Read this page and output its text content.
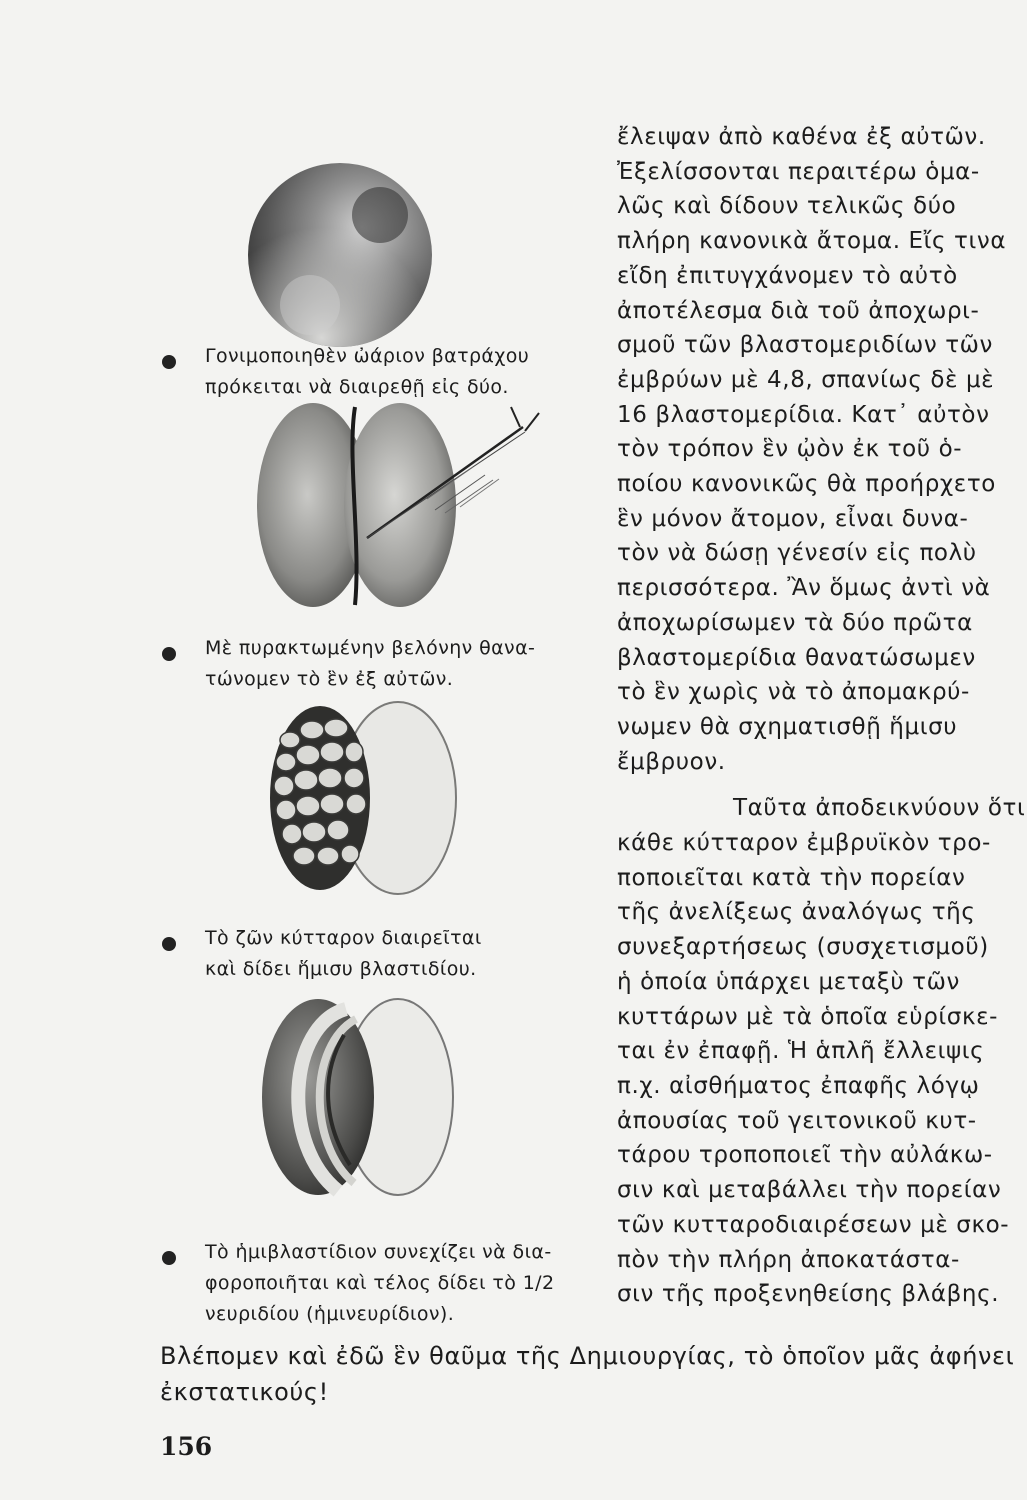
Γονιμοποιηθὲν ὠάριον βατράχου
πρόκειται νὰ διαιρεθῇ εἰς δύο.
Μὲ πυρακτωμένην βελόνην θανα-
τώνομεν τὸ ἓν ἐξ αὐτῶν.
Τὸ ζῶν κύτταρον διαιρεῖται
καὶ δίδει ἥμισυ βλαστιδίου.
Τὸ ἡμιβλαστίδιον συνεχίζει νὰ δια-
φοροποιῆται καὶ τέλος δίδει τὸ 1/2
νευριδίου (ἡμινευρίδιον).

ἔλειψαν ἀπὸ καθένα ἐξ αὐτῶν.
Ἐξελίσσονται περαιτέρω ὁμα-
λῶς καὶ δίδουν τελικῶς δύο
πλήρη κανονικὰ ἄτομα. Εἴς τινα
εἴδη ἐπιτυγχάνομεν τὸ αὐτὸ
ἀποτέλεσμα διὰ τοῦ ἀποχωρι-
σμοῦ τῶν βλαστομεριδίων τῶν
ἐμβρύων μὲ 4,8, σπανίως δὲ μὲ
16 βλαστομερίδια. Κατ᾽ αὐτὸν
τὸν τρόπον ἓν ᾠὸν ἐκ τοῦ ὁ-
ποίου κανονικῶς θὰ προήρχετο
ἓν μόνον ἄτομον, εἶναι δυνα-
τὸν νὰ δώσῃ γένεσίν εἰς πολὺ
περισσότερα. Ἂν ὅμως ἀντὶ νὰ
ἀποχωρίσωμεν τὰ δύο πρῶτα
βλαστομερίδια θανατώσωμεν
τὸ ἓν χωρὶς νὰ τὸ ἀπομακρύ-
νωμεν θὰ σχηματισθῇ ἥμισυ
ἔμβρυον.

Ταῦτα ἀποδεικνύουν ὅτι
κάθε κύτταρον ἐμβρυϊκὸν τρο-
ποποιεῖται κατὰ τὴν πορείαν
τῆς ἀνελίξεως ἀναλόγως τῆς
συνεξαρτήσεως (συσχετισμοῦ)
ἡ ὁποία ὑπάρχει μεταξὺ τῶν
κυττάρων μὲ τὰ ὁποῖα εὑρίσκε-
ται ἐν ἐπαφῇ. Ἡ ἁπλῆ ἔλλειψις
π.χ. αἰσθήματος ἐπαφῆς λόγῳ
ἀπουσίας τοῦ γειτονικοῦ κυτ-
τάρου τροποποιεῖ τὴν αὐλάκω-
σιν καὶ μεταβάλλει τὴν πορείαν
τῶν κυτταροδιαιρέσεων μὲ σκο-
πὸν τὴν πλήρη ἀποκατάστα-
σιν τῆς προξενηθείσης βλάβης.

Βλέπομεν καὶ ἐδῶ ἓν θαῦμα τῆς Δημιουργίας, τὸ ὁποῖον μᾶς ἀφήνει
ἐκστατικούς!
156
